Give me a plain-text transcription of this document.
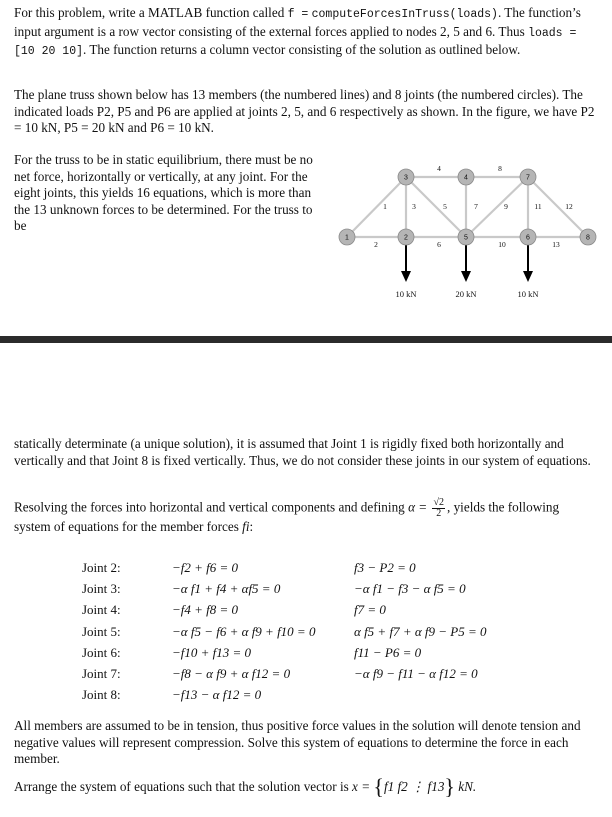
For this problem, write a MATLAB function called f = computeForcesInTruss(loads). The function’s input argument is a row vector consisting of the external forces applied to nodes 2, 5 and 6. Thus loads = [10 20 10]. The function returns a column vector consisting of the solution as outlined below.

The plane truss shown below has 13 members (the numbered lines) and 8 joints (the numbered circles). The indicated loads P2, P5 and P6 are applied at joints 2, 5, and 6 respectively as shown. In the figure, we have P2 = 10 kN, P5 = 20 kN and P6 = 10 kN.

For the truss to be in static equilibrium, there must be no net force, horizontally or vertically, at any joint. For the eight joints, this yields 16 equations, which is more than the 13 unknown forces to be determined. For the truss to be

1
2
3
4
5
6
7
8
9
10
11	12
13
1	2
3	4
5	6
7
8
10 kN	20 kN	10 kN

statically determinate (a unique solution), it is assumed that Joint 1 is rigidly fixed both horizontally and vertically and that Joint 8 is fixed vertically. Thus, we do not consider these joints in our system of equations.

Resolving the forces into horizontal and vertical components and defining $\alpha = \frac{√2}{2}$ , yields the following system of equations for the member forces fi:

Joint 2:	−f2 + f6 = 0	f3 − P2 = 0
Joint 3:	−α f1 + f4 + αf5 = 0	−α f1 − f3 − α f5 = 0
Joint 4:	−f4 + f8 = 0	f7 = 0
Joint 5:	−α f5 − f6 + α f9 + f10 = 0	α f5 + f7 + α f9 − P5 = 0
Joint 6:	−f10 + f13 = 0	f11 − P6 = 0
Joint 7:	−f8 − α f9 + α f12 = 0	−α f9 − f11 − α f12 = 0
Joint 8:	−f13 − α f12 = 0

All members are assumed to be in tension, thus positive force values in the solution will denote tension and negative values will represent compression. Solve this system of equations to determine the force in each member.

Arrange the system of equations such that the solution vector is x = {f1 f2 ⋮ f13} kN.
